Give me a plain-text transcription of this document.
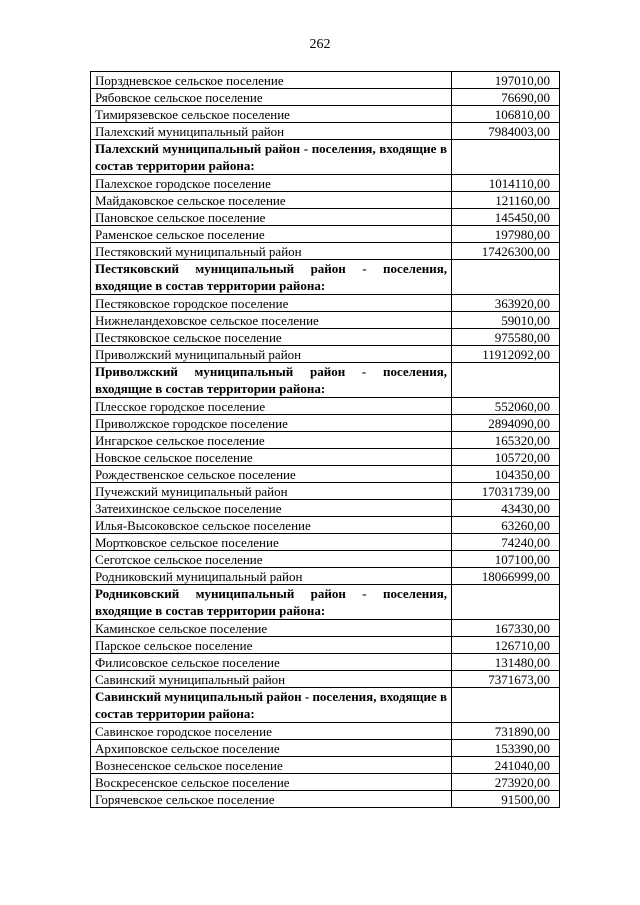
262
Порздневское сельское поселение	197010,00
Рябовское сельское поселение	76690,00
Тимирязевское сельское поселение	106810,00
Палехский муниципальный район	7984003,00
Палехский муниципальный район - поселения, входящие в состав территории района:	
Палехское городское поселение	1014110,00
Майдаковское сельское поселение	121160,00
Пановское сельское поселение	145450,00
Раменское сельское поселение	197980,00
Пестяковский муниципальный район	17426300,00
Пестяковский муниципальный район - поселения, входящие в состав территории района:	
Пестяковское городское поселение	363920,00
Нижнеландеховское сельское поселение	59010,00
Пестяковское сельское поселение	975580,00
Приволжский муниципальный район	11912092,00
Приволжский муниципальный район - поселения, входящие в состав территории района:	
Плесское городское поселение	552060,00
Приволжское городское поселение	2894090,00
Ингарское сельское поселение	165320,00
Новское сельское поселение	105720,00
Рождественское сельское поселение	104350,00
Пучежский муниципальный район	17031739,00
Затеихинское сельское поселение	43430,00
Илья-Высоковское сельское поселение	63260,00
Мортковское сельское поселение	74240,00
Сеготское сельское поселение	107100,00
Родниковский муниципальный район	18066999,00
Родниковский муниципальный район - поселения, входящие в состав территории района:	
Каминское сельское поселение	167330,00
Парское сельское поселение	126710,00
Филисовское сельское поселение	131480,00
Савинский муниципальный район	7371673,00
Савинский муниципальный район - поселения, входящие в состав территории района:	
Савинское городское поселение	731890,00
Архиповское сельское поселение	153390,00
Вознесенское сельское поселение	241040,00
Воскресенское сельское поселение	273920,00
Горячевское сельское поселение	91500,00
